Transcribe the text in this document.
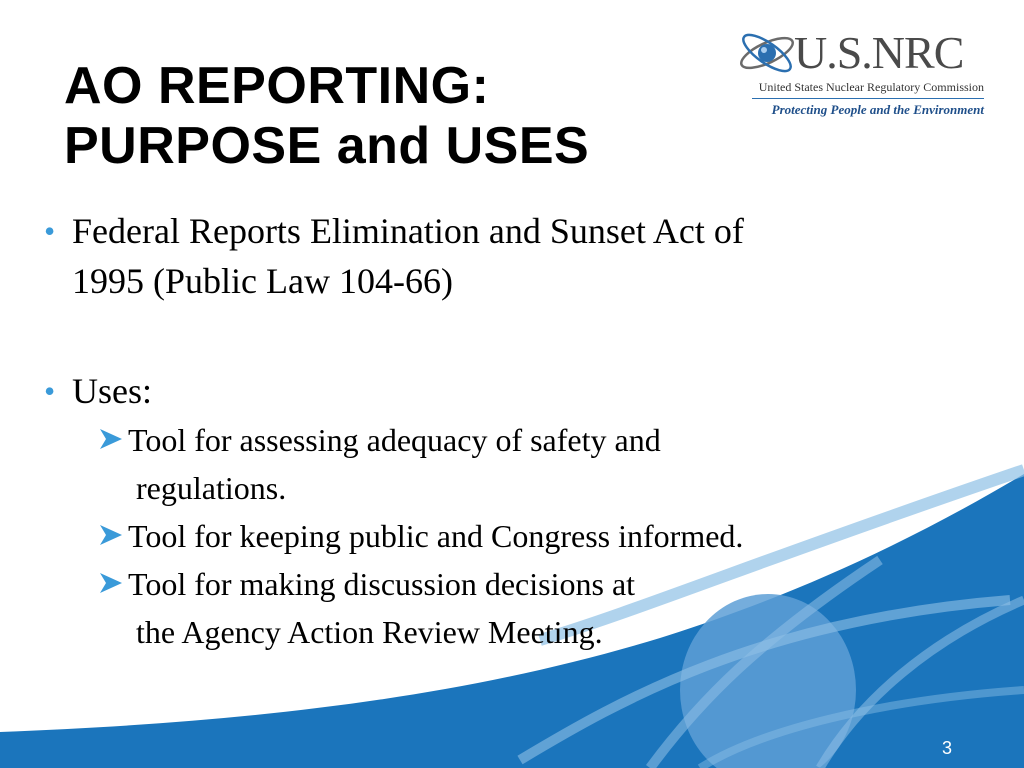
AO REPORTING:
PURPOSE and USES
U.S.NRC
United States Nuclear Regulatory Commission
Protecting People and the Environment
• Federal Reports Elimination and Sunset Act of
1995 (Public Law 104-66)
• Uses:
Tool for assessing adequacy of safety and
regulations.
Tool for keeping public and Congress informed.
Tool for making discussion decisions at
the Agency Action Review Meeting.
3
